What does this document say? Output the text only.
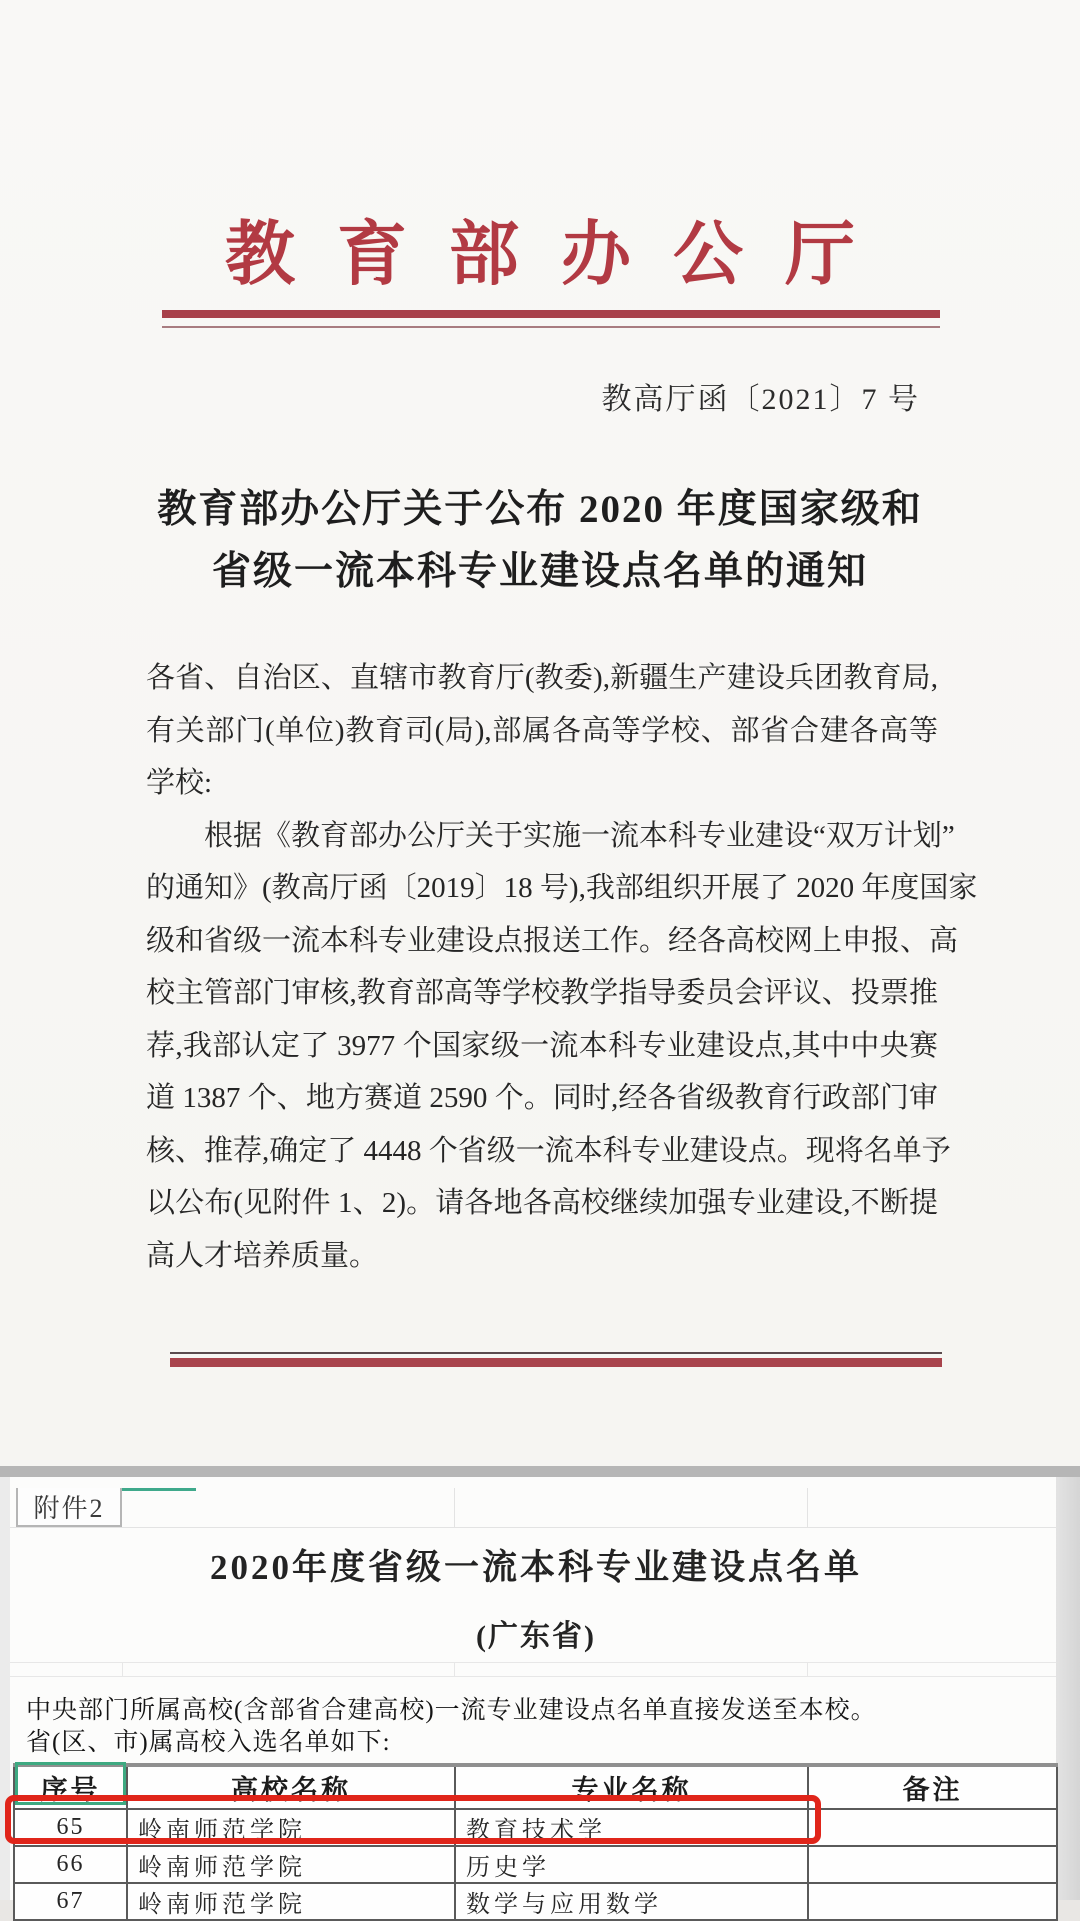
教育部办公厅
教高厅函〔2021〕7 号
教育部办公厅关于公布 2020 年度国家级和
省级一流本科专业建设点名单的通知
各省、自治区、直辖市教育厅(教委),新疆生产建设兵团教育局,
有关部门(单位)教育司(局),部属各高等学校、部省合建各高等
学校:
根据《教育部办公厅关于实施一流本科专业建设“双万计划”
的通知》(教高厅函〔2019〕18 号),我部组织开展了 2020 年度国家
级和省级一流本科专业建设点报送工作。经各高校网上申报、高
校主管部门审核,教育部高等学校教学指导委员会评议、投票推
荐,我部认定了 3977 个国家级一流本科专业建设点,其中中央赛
道 1387 个、地方赛道 2590 个。同时,经各省级教育行政部门审
核、推荐,确定了 4448 个省级一流本科专业建设点。现将名单予
以公布(见附件 1、2)。请各地各高校继续加强专业建设,不断提
高人才培养质量。
附件2
2020年度省级一流本科专业建设点名单
(广东省)
中央部门所属高校(含部省合建高校)一流专业建设点名单直接发送至本校。
省(区、市)属高校入选名单如下:
序号	高校名称	专业名称	备注
65	岭南师范学院	教育技术学	
66	岭南师范学院	历史学	
67	岭南师范学院	数学与应用数学	
